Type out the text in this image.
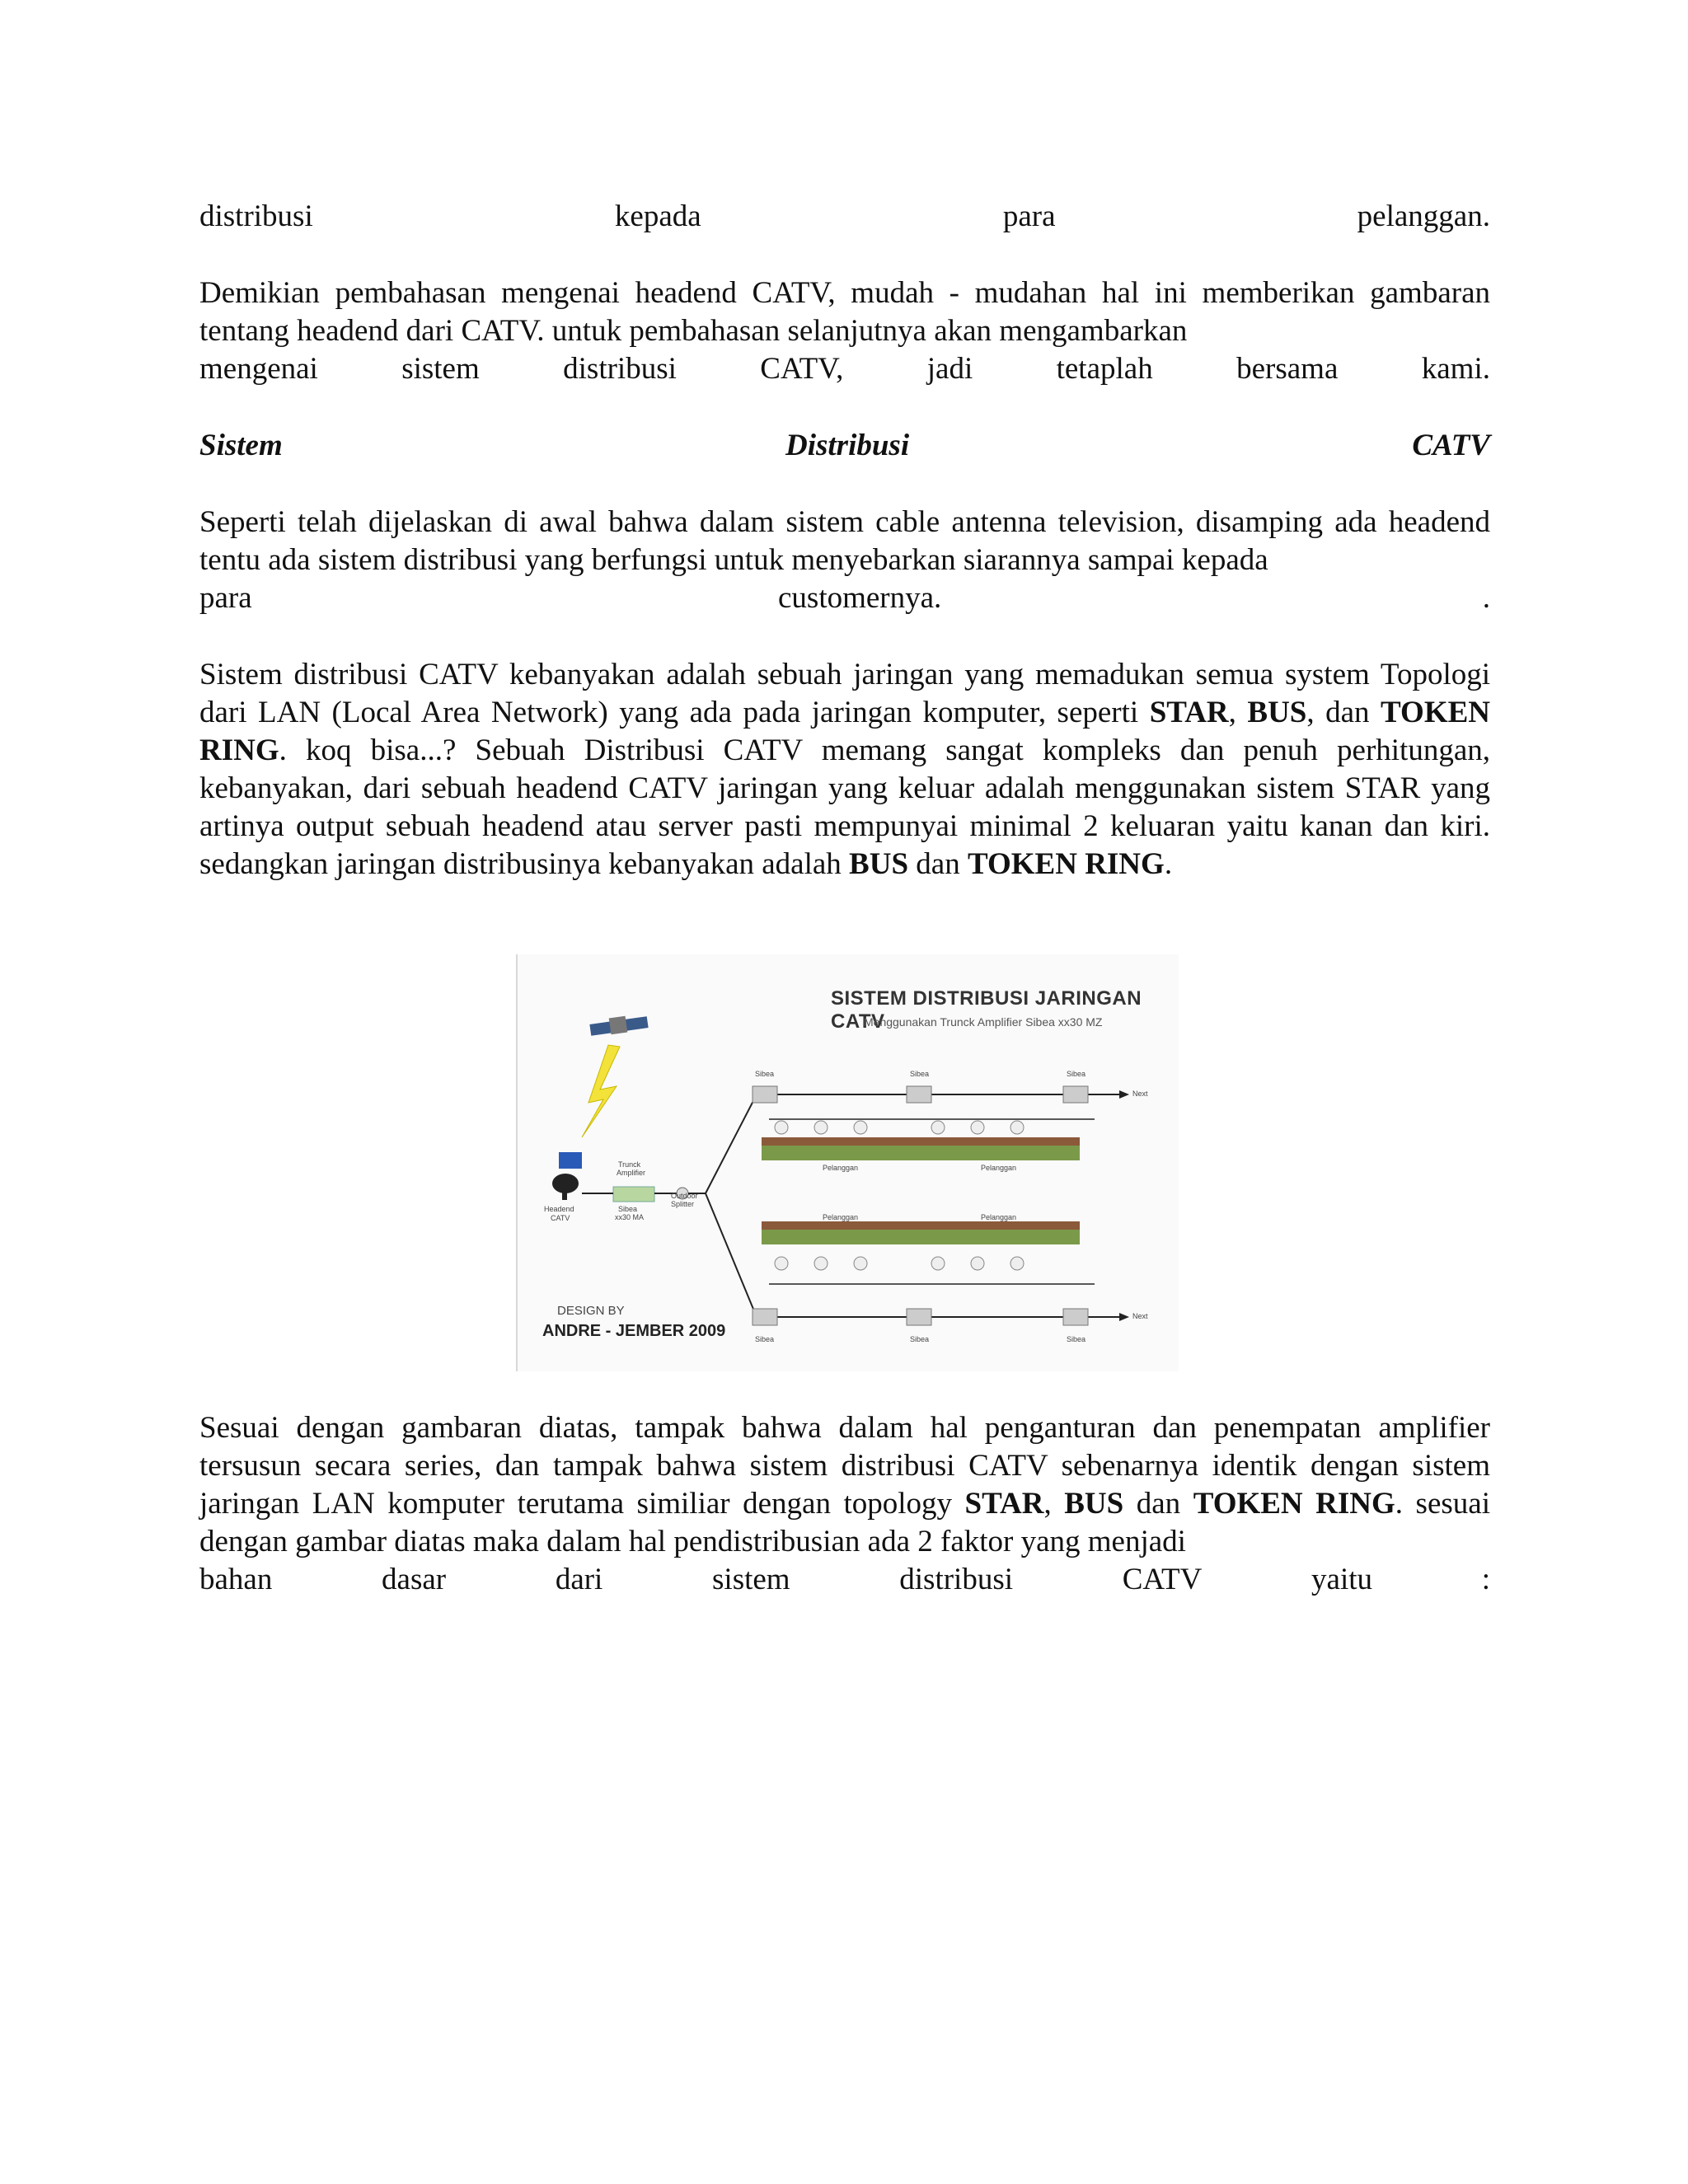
distribusi	kepada	para	pelanggan.
Demikian pembahasan mengenai headend CATV, mudah - mudahan hal ini memberikan gambaran tentang headend dari CATV. untuk pembahasan selanjutnya akan mengambarkan
mengenai	sistem	distribusi	CATV,	jadi	tetaplah	bersama	kami.
Sistem	Distribusi	CATV
Seperti telah dijelaskan di awal bahwa dalam sistem cable antenna television, disamping ada headend tentu ada sistem distribusi yang berfungsi untuk menyebarkan siarannya sampai kepada
para	customernya.	.
Sistem distribusi CATV kebanyakan adalah sebuah jaringan yang memadukan semua system Topologi dari LAN (Local Area Network) yang ada pada jaringan komputer, seperti STAR, BUS, dan TOKEN RING. koq bisa...? Sebuah Distribusi CATV memang sangat kompleks dan penuh perhitungan, kebanyakan, dari sebuah headend CATV jaringan yang keluar adalah menggunakan sistem STAR yang artinya output sebuah headend atau server pasti mempunyai minimal 2 keluaran yaitu kanan dan kiri. sedangkan jaringan distribusinya kebanyakan adalah BUS dan TOKEN RING.
Headend
CATV
Trunck
Amplifier
Sibea
xx30 MA
Outdoor
Splitter
Pelanggan	Pelanggan
Pelanggan	Pelanggan
Sibea	Sibea	Sibea
Sibea	Sibea	Sibea
Next
Next
SISTEM DISTRIBUSI JARINGAN CATV
Menggunakan Trunck Amplifier Sibea xx30 MZ
DESIGN BY
ANDRE - JEMBER 2009
Sesuai dengan gambaran diatas, tampak bahwa dalam hal penganturan dan penempatan amplifier tersusun secara series, dan tampak bahwa sistem distribusi CATV sebenarnya identik dengan sistem jaringan LAN komputer terutama similiar dengan topology STAR, BUS dan TOKEN RING. sesuai dengan gambar diatas maka dalam hal pendistribusian ada 2 faktor yang menjadi
bahan	dasar	dari	sistem	distribusi	CATV	yaitu	:
